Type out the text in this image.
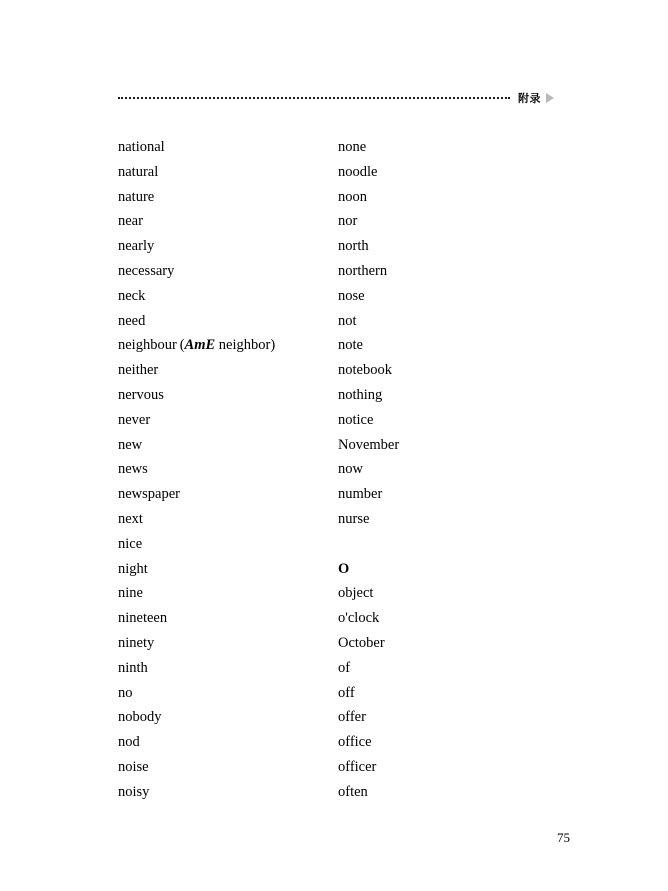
附录
national
natural
nature
near
nearly
necessary
neck
need
neighbour (AmE neighbor)
neither
nervous
never
new
news
newspaper
next
nice
night
nine
nineteen
ninety
ninth
no
nobody
nod
noise
noisy
none
noodle
noon
nor
north
northern
nose
not
note
notebook
nothing
notice
November
now
number
nurse
O
object
o'clock
October
of
off
offer
office
officer
often
75
